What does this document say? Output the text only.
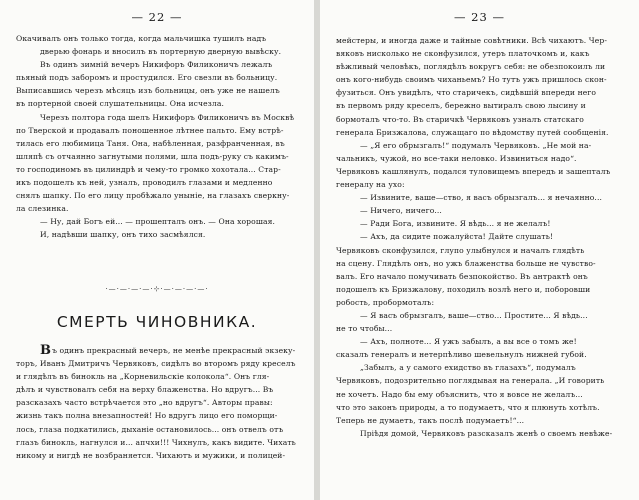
— 22 —
Окачивалъ онъ только тогда, когда мальчишка тушилъ надъ
дверью фонарь и вносилъ въ портерную дверную вывѣску.
Въ одинъ зимній вечеръ Никифоръ Филиконичъ лежалъ
пьяный подъ заборомъ и простудился. Его свезли въ больницу.
Выписавшись черезъ мѣсяцъ изъ больницы, онъ уже не нашелъ
въ портерной своей слушательницы. Она исчезла.
Черезъ полтора года шелъ Никифоръ Филиконичъ въ Москвѣ
по Тверской и продавалъ поношенное лѣтнее пальто. Ему встрѣ-
тилась его любимица Таня. Она, набѣленная, разфранченная, въ
шляпѣ съ отчаянно загнутыми полями, шла подъ-руку съ какимъ-
то господиномъ въ цилиндрѣ и чему-то громко хохотала... Стар-
икъ подошелъ къ ней, узналъ, проводилъ глазами и медленно
снялъ шапку. По его лицу пробѣжало уныніе, на глазахъ сверкну-
ла слезинка.
— Ну, дай Богъ ей... — прошепталъ онъ. — Она хорошая.
И, надѣвши шапку, онъ тихо засмѣялся.
·—·—·—·—·⊹·—·—·—·—·
СМЕРТЬ ЧИНОВНИКА.
Въ одинъ прекрасный вечеръ, не менѣе прекрасный экзеку-
торъ, Иванъ Дмитричъ Червяковъ, сидѣлъ во второмъ ряду креселъ
и глядѣлъ въ бинокль на „Корневильскіе колокола“. Онъ гля-
дѣлъ и чувствовалъ себя на верху блаженства. Но вдругъ... Въ
разсказахъ часто встрѣчается это „но вдругъ“. Авторы правы:
жизнь такъ полна внезапностей! Но вдругъ лицо его поморщи-
лось, глаза подкатились, дыханіе остановилось... онъ отвелъ отъ
глазъ бинокль, нагнулся и... апчхи!!! Чихнулъ, какъ видите. Чихать
никому и нигдѣ не возбраняется. Чихаютъ и мужики, и полицей-
— 23 —
мейстеры, и иногда даже и тайные совѣтники. Всѣ чихаютъ. Чер-
вяковъ нисколько не сконфузился, утеръ платочкомъ и, какъ
вѣжливый человѣкъ, поглядѣлъ вокругъ себя: не обезпокоилъ ли
онъ кого-нибудь своимъ чиханьемъ? Но тутъ ужъ пришлось скон-
фузиться. Онъ увидѣлъ, что старичекъ, сидѣвшій впереди него
въ первомъ ряду креселъ, бережно вытиралъ свою лысину и
бормоталъ что-то. Въ старичкѣ Червяковъ узналъ статскаго
генерала Бризжалова, служащаго по вѣдомству путей сообщенія.
— „Я его обрызгалъ!“ подумалъ Червяковъ. „Не мой на-
чальникъ, чужой, но все-таки неловко. Извиниться надо“.
Червяковъ кашлянулъ, подался туловищемъ впередъ и зашепталъ
генералу на ухо:
— Извините, ваше—ство, я васъ обрызгалъ... я нечаянно...
— Ничего, ничего...
— Ради Бога, извините. Я вѣдь... я не желалъ!
— Ахъ, да сидите пожалуйста! Дайте слушать!
Червяковъ сконфузился, глупо улыбнулся и началъ глядѣть
на сцену. Глядѣлъ онъ, но ужъ блаженства больше не чувство-
валъ. Его начало помучивать безпокойство. Въ антрактѣ онъ
подошелъ къ Бризжалову, походилъ возлѣ него и, поборовши
робость, пробормоталъ:
— Я васъ обрызгалъ, ваше—ство... Простите... Я вѣдь...
не то чтобы...
— Ахъ, полноте... Я ужъ забылъ, а вы все о томъ же!
сказалъ генералъ и нетерпѣливо шевельнулъ нижней губой.
„Забылъ, а у самого ехидство въ глазахъ“, подумалъ
Червяковъ, подозрительно поглядывая на генерала. „И говорить
не хочетъ. Надо бы ему объяснить, что я вовсе не желалъ...
что это законъ природы, а то подумаетъ, что я плюнуть хотѣлъ.
Теперь не думаетъ, такъ послѣ подумаетъ!“...
Пріѣдя домой, Червяковъ разсказалъ женѣ о своемъ невѣже-
